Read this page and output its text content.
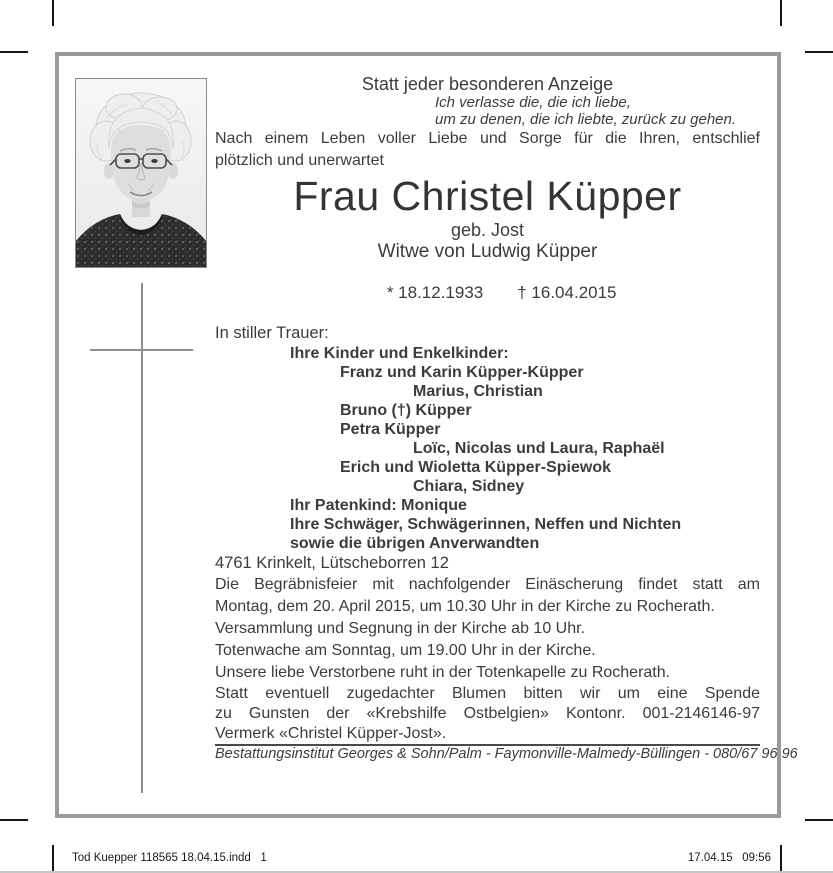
Statt jeder besonderen Anzeige
Ich verlasse die, die ich liebe,
um zu denen, die ich liebte, zurück zu gehen.
Nach einem Leben voller Liebe und Sorge für die Ihren, entschlief
plötzlich und unerwartet
Frau Christel Küpper
geb. Jost
Witwe von Ludwig Küpper

* 18.12.1933 † 16.04.2015

In stiller Trauer:
Ihre Kinder und Enkelkinder:
Franz und Karin Küpper-Küpper
Marius, Christian
Bruno (†) Küpper
Petra Küpper
Loïc, Nicolas und Laura, Raphaël
Erich und Wioletta Küpper-Spiewok
Chiara, Sidney
Ihr Patenkind: Monique
Ihre Schwäger, Schwägerinnen, Neffen und Nichten
sowie die übrigen Anverwandten
4761 Krinkelt, Lütscheborren 12
Die Begräbnisfeier mit nachfolgender Einäscherung findet statt am
Montag, dem 20. April 2015, um 10.30 Uhr in der Kirche zu Rocherath.
Versammlung und Segnung in der Kirche ab 10 Uhr.
Totenwache am Sonntag, um 19.00 Uhr in der Kirche.
Unsere liebe Verstorbene ruht in der Totenkapelle zu Rocherath.
Statt eventuell zugedachter Blumen bitten wir um eine Spende
zu Gunsten der «Krebshilfe Ostbelgien» Kontonr. 001-2146146-97
Vermerk «Christel Küpper-Jost».
Bestattungsinstitut Georges & Sohn/Palm - Faymonville-Malmedy-Büllingen - 080/67 96 96
Tod Kuepper 118565 18.04.15.indd   1	17.04.15   09:56
